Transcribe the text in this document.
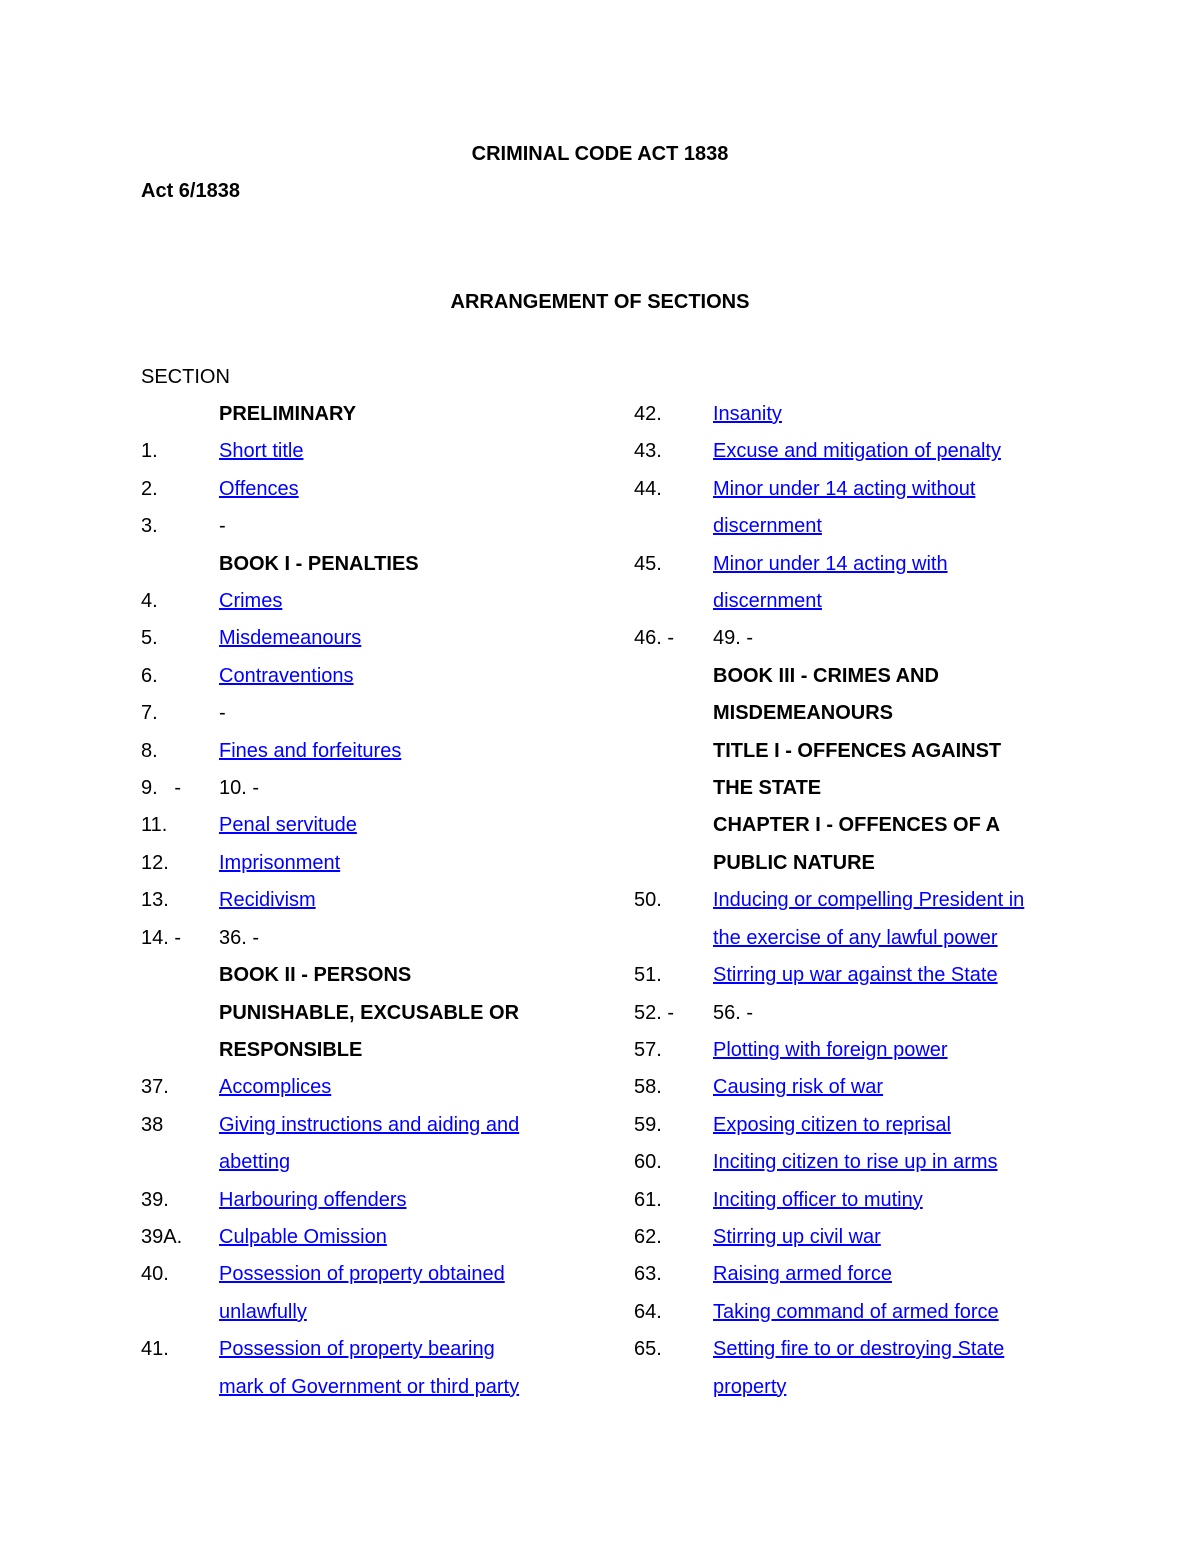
CRIMINAL CODE ACT 1838
Act 6/1838
ARRANGEMENT OF SECTIONS
SECTION
PRELIMINARY
1.	Short title
2.	Offences
3.	-
BOOK I - PENALTIES
4.	Crimes
5.	Misdemeanours
6.	Contraventions
7.	-
8.	Fines and forfeitures
9.   -	10. -
11.	Penal servitude
12.	Imprisonment
13.	Recidivism
14. -	36. -
BOOK II - PERSONS
PUNISHABLE, EXCUSABLE OR
RESPONSIBLE
37.	Accomplices
38	Giving instructions and aiding and
abetting
39.	Harbouring offenders
39A.	Culpable Omission
40.	Possession of property obtained
unlawfully
41.	Possession of property bearing
mark of Government or third party
42.	Insanity
43.	Excuse and mitigation of penalty
44.	Minor under 14 acting without
discernment
45.	Minor under 14 acting with
discernment
46. -	49. -
BOOK III - CRIMES AND
MISDEMEANOURS
TITLE I - OFFENCES AGAINST
THE STATE
CHAPTER I - OFFENCES OF A
PUBLIC NATURE
50.	Inducing or compelling President in
the exercise of any lawful power
51.	Stirring up war against the State
52. -	56. -
57.	Plotting with foreign power
58.	Causing risk of war
59.	Exposing citizen to reprisal
60.	Inciting citizen to rise up in arms
61.	Inciting officer to mutiny
62.	Stirring up civil war
63.	Raising armed force
64.	Taking command of armed force
65.	Setting fire to or destroying State
property
